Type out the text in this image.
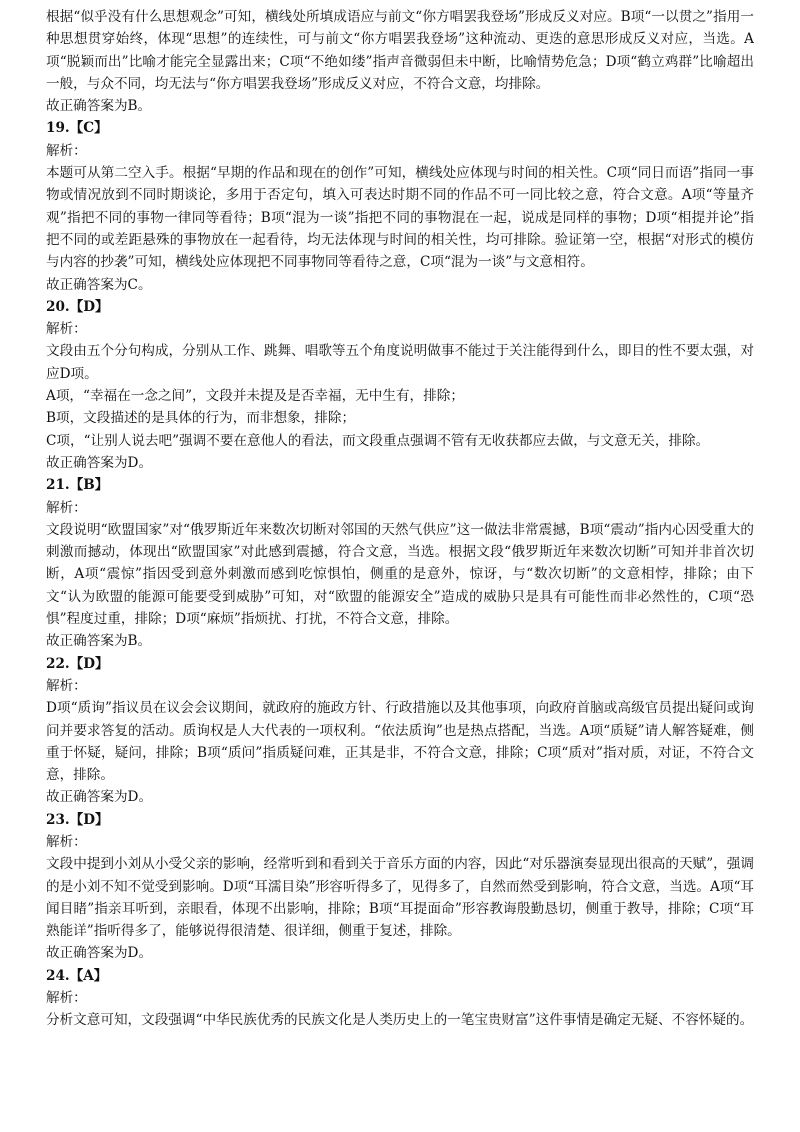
根据“似乎没有什么思想观念”可知，横线处所填成语应与前文“你方唱罢我登场”形成反义对应。B项“一以贯之”指用一种思想贯穿始终，体现“思想”的连续性，可与前文“你方唱罢我登场”这种流动、更迭的意思形成反义对应，当选。A项“脱颖而出”比喻才能完全显露出来；C项“不绝如缕”指声音微弱但未中断，比喻情势危急；D项“鹤立鸡群”比喻超出一般，与众不同，均无法与“你方唱罢我登场”形成反义对应，不符合文意，均排除。
故正确答案为B。
19.【C】
解析：
本题可从第二空入手。根据“早期的作品和现在的创作”可知，横线处应体现与时间的相关性。C项“同日而语”指同一事物或情况放到不同时期谈论，多用于否定句，填入可表达时期不同的作品不可一同比较之意，符合文意。A项“等量齐观”指把不同的事物一律同等看待；B项“混为一谈”指把不同的事物混在一起，说成是同样的事物；D项“相提并论”指把不同的或差距悬殊的事物放在一起看待，均无法体现与时间的相关性，均可排除。验证第一空，根据“对形式的模仿与内容的抄袭”可知，横线处应体现把不同事物同等看待之意，C项“混为一谈”与文意相符。
故正确答案为C。
20.【D】
解析：
文段由五个分句构成，分别从工作、跳舞、唱歌等五个角度说明做事不能过于关注能得到什么，即目的性不要太强，对应D项。
A项，“幸福在一念之间”，文段并未提及是否幸福，无中生有，排除；
B项，文段描述的是具体的行为，而非想象，排除；
C项，“让别人说去吧”强调不要在意他人的看法，而文段重点强调不管有无收获都应去做，与文意无关，排除。
故正确答案为D。
21.【B】
解析：
文段说明“欧盟国家”对“俄罗斯近年来数次切断对邻国的天然气供应”这一做法非常震撼，B项“震动”指内心因受重大的刺激而撼动，体现出“欧盟国家”对此感到震撼，符合文意，当选。根据文段“俄罗斯近年来数次切断”可知并非首次切断，A项“震惊”指因受到意外刺激而感到吃惊惧怕，侧重的是意外，惊讶，与“数次切断”的文意相悖，排除；由下文“认为欧盟的能源可能要受到威胁”可知，对“欧盟的能源安全”造成的威胁只是具有可能性而非必然性的，C项“恐惧”程度过重，排除；D项“麻烦”指烦扰、打扰，不符合文意，排除。
故正确答案为B。
22.【D】
解析：
D项“质询”指议员在议会会议期间，就政府的施政方针、行政措施以及其他事项，向政府首脑或高级官员提出疑问或询问并要求答复的活动。质询权是人大代表的一项权利。“依法质询”也是热点搭配，当选。A项“质疑”请人解答疑难，侧重于怀疑，疑问，排除；B项“质问”指质疑问难，正其是非，不符合文意，排除；C项“质对”指对质，对证，不符合文意，排除。
故正确答案为D。
23.【D】
解析：
文段中提到小刘从小受父亲的影响，经常听到和看到关于音乐方面的内容，因此“对乐器演奏显现出很高的天赋”，强调的是小刘不知不觉受到影响。D项“耳濡目染”形容听得多了，见得多了，自然而然受到影响，符合文意，当选。A项“耳闻目睹”指亲耳听到，亲眼看，体现不出影响，排除；B项“耳提面命”形容教诲殷勤恳切，侧重于教导，排除；C项“耳熟能详”指听得多了，能够说得很清楚、很详细，侧重于复述，排除。
故正确答案为D。
24.【A】
解析：
分析文意可知，文段强调“中华民族优秀的民族文化是人类历史上的一笔宝贵财富”这件事情是确定无疑、不容怀疑的。
